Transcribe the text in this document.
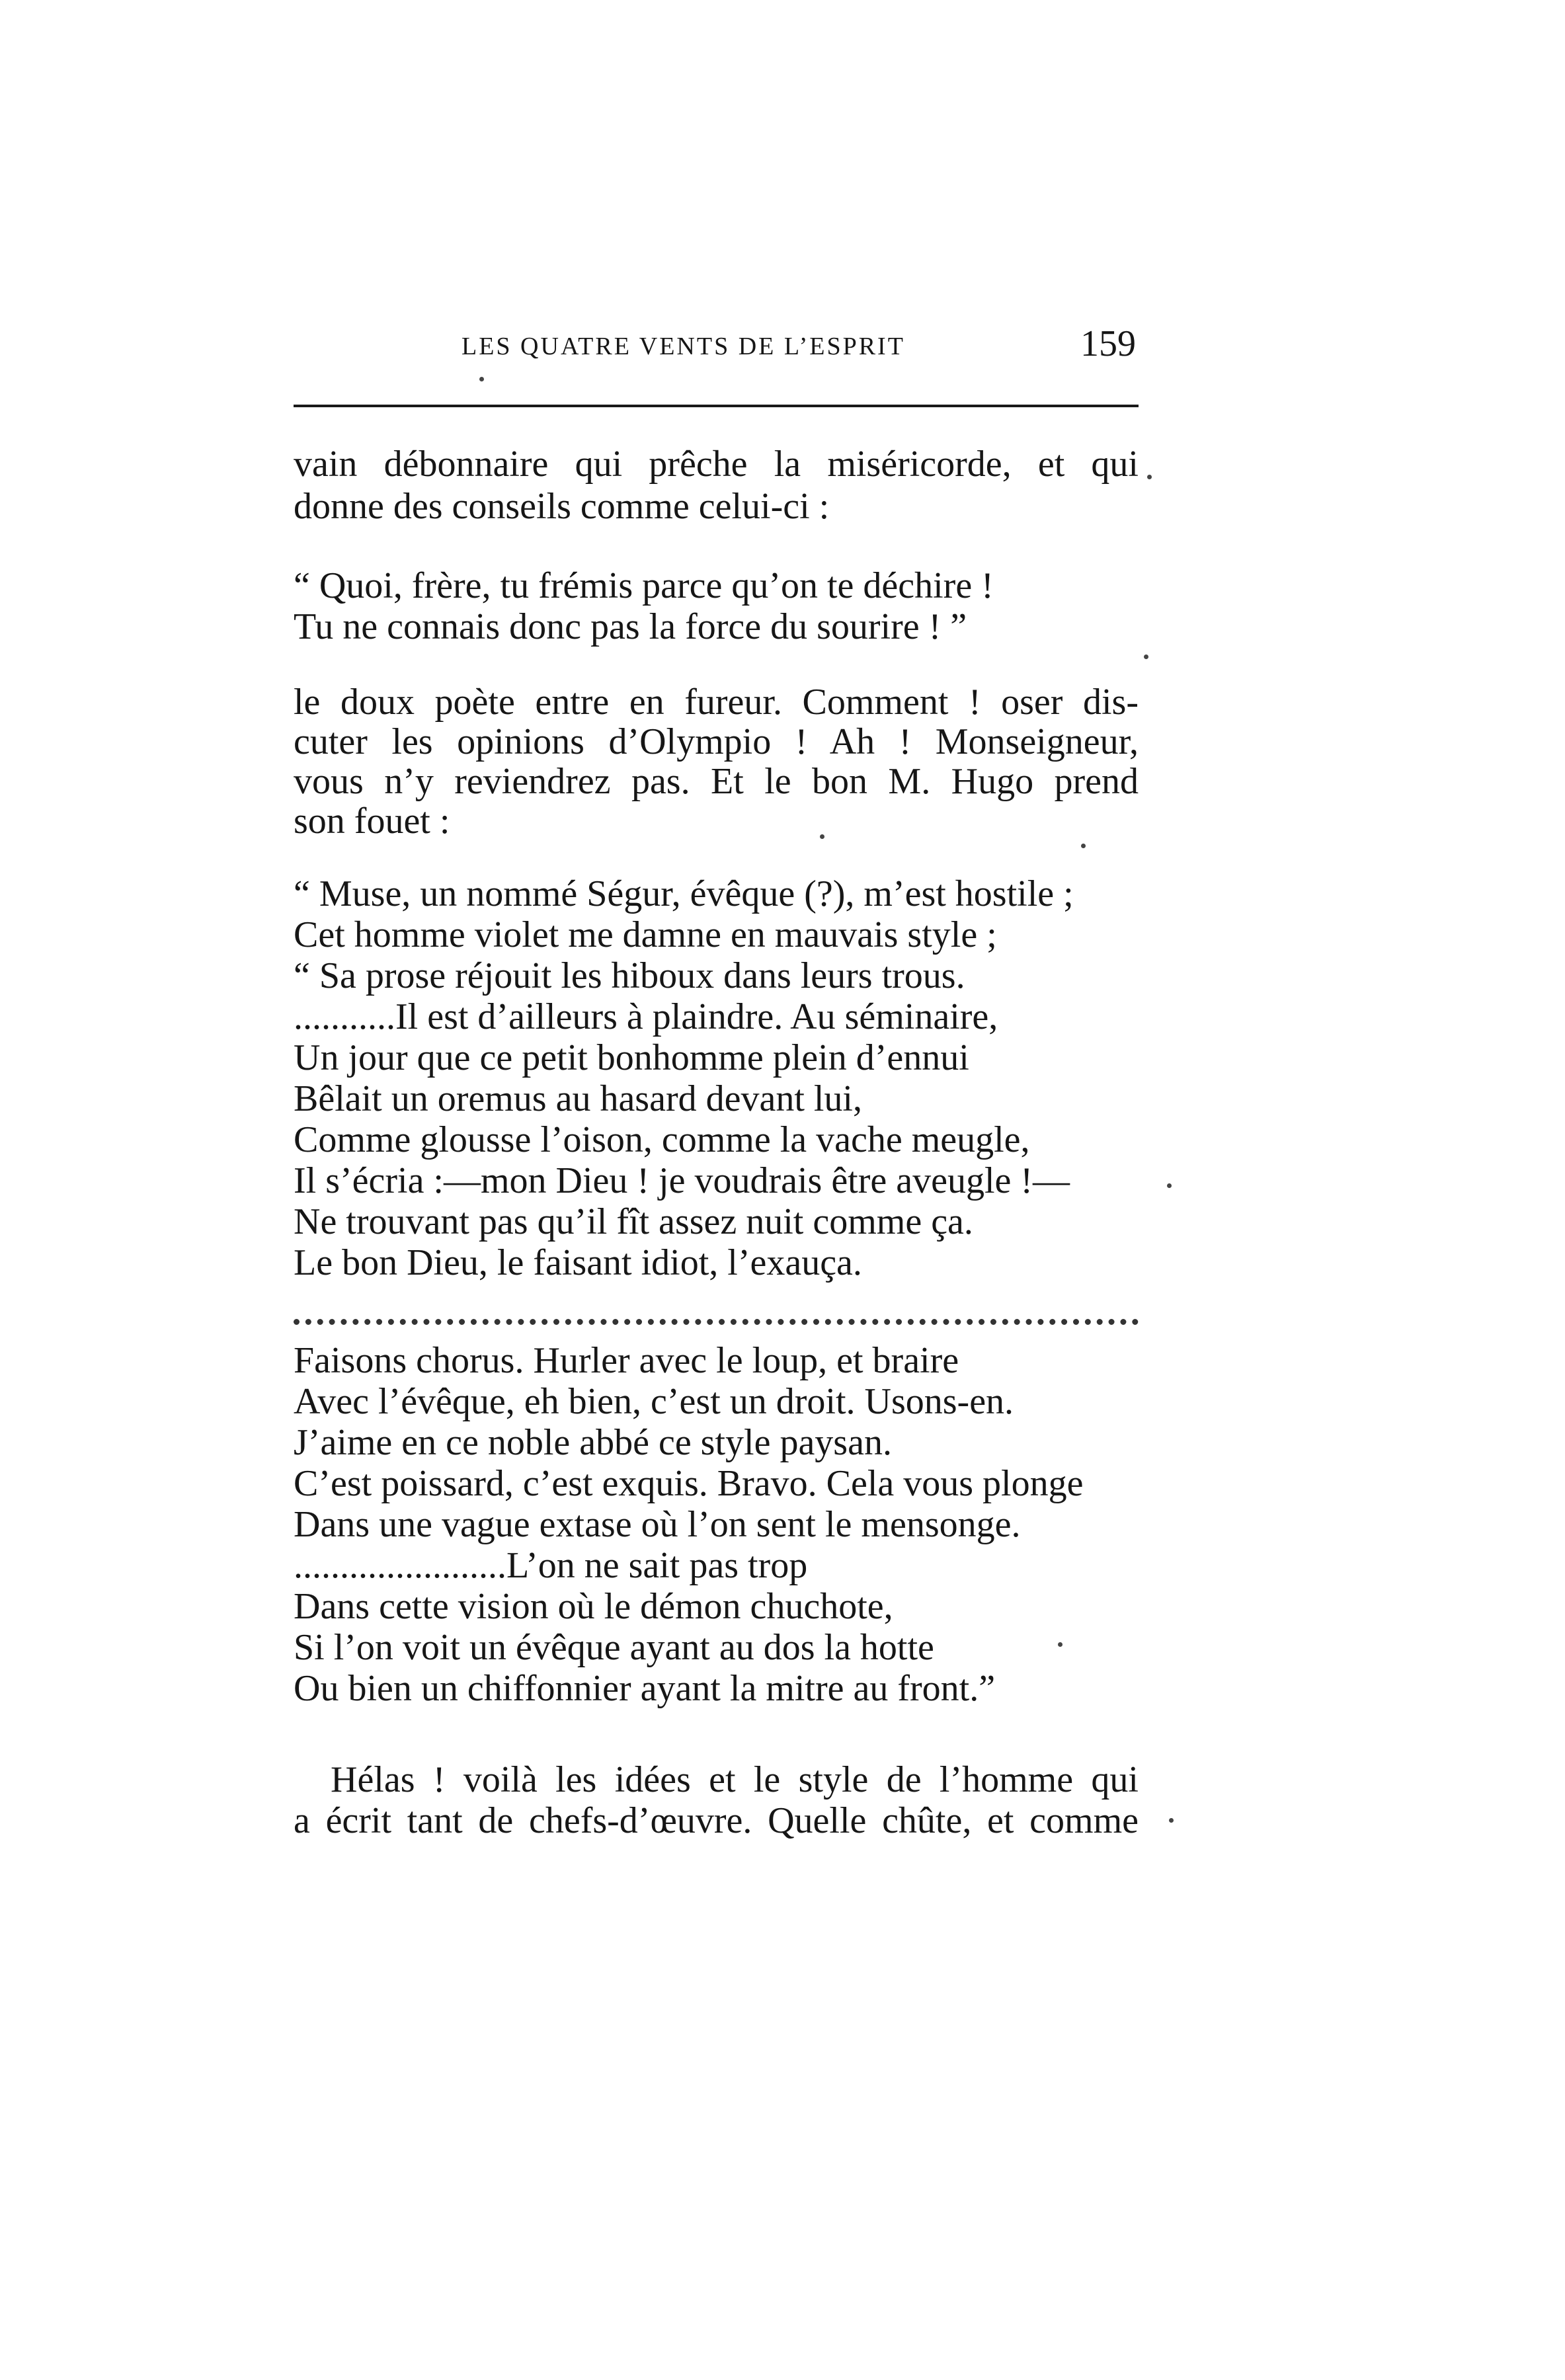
LES QUATRE VENTS DE L’ESPRIT	159
vain débonnaire qui prêche la miséricorde, et qui
donne des conseils comme celui-ci :
“ Quoi, frère, tu frémis parce qu’on te déchire !
Tu ne connais donc pas la force du sourire ! ”
le doux poète entre en fureur. Comment ! oser dis-
cuter les opinions d’Olympio ! Ah ! Monseigneur,
vous n’y reviendrez pas. Et le bon M. Hugo prend
son fouet :
“ Muse, un nommé Ségur, évêque (?), m’est hostile ;
Cet homme violet me damne en mauvais style ;
“ Sa prose réjouit les hiboux dans leurs trous.
...........Il est d’ailleurs à plaindre. Au séminaire,
Un jour que ce petit bonhomme plein d’ennui
Bêlait un oremus au hasard devant lui,
Comme glousse l’oison, comme la vache meugle,
Il s’écria :—mon Dieu ! je voudrais être aveugle !—
Ne trouvant pas qu’il fît assez nuit comme ça.
Le bon Dieu, le faisant idiot, l’exauça.
Faisons chorus. Hurler avec le loup, et braire
Avec l’évêque, eh bien, c’est un droit. Usons-en.
J’aime en ce noble abbé ce style paysan.
C’est poissard, c’est exquis. Bravo. Cela vous plonge
Dans une vague extase où l’on sent le mensonge.
.......................L’on ne sait pas trop
Dans cette vision où le démon chuchote,
Si l’on voit un évêque ayant au dos la hotte
Ou bien un chiffonnier ayant la mitre au front.”
Hélas ! voilà les idées et le style de l’homme qui
a écrit tant de chefs-d’œuvre. Quelle chûte, et comme
